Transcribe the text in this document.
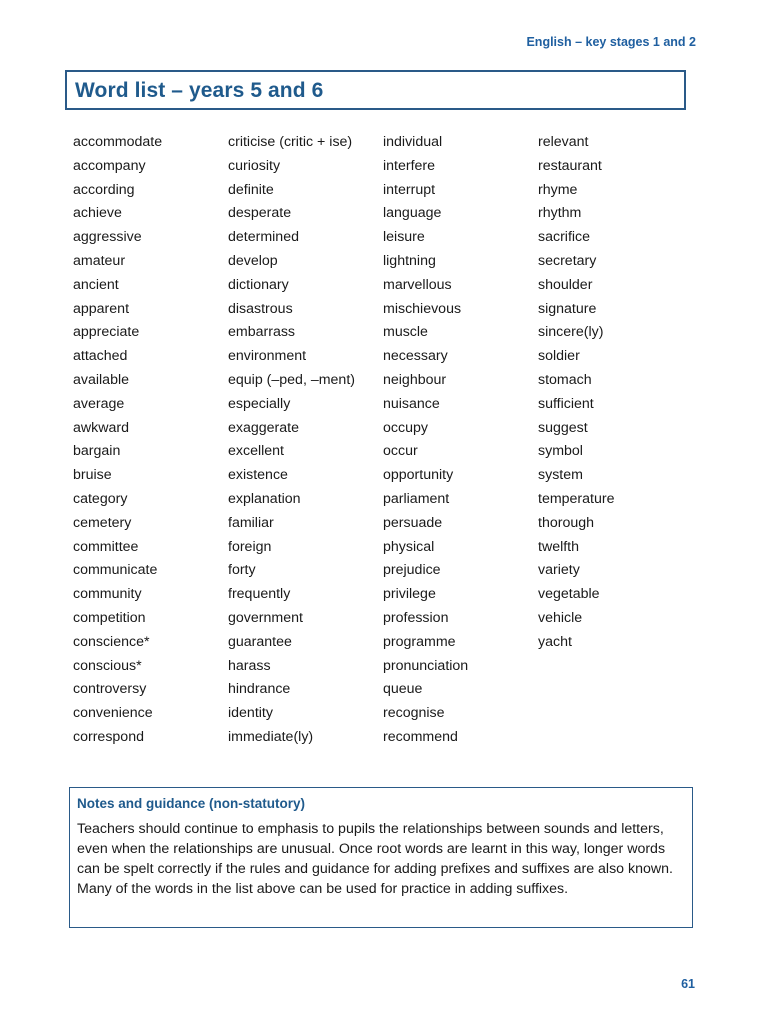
English – key stages 1 and 2
Word list – years 5 and 6
accommodate
accompany
according
achieve
aggressive
amateur
ancient
apparent
appreciate
attached
available
average
awkward
bargain
bruise
category
cemetery
committee
communicate
community
competition
conscience*
conscious*
controversy
convenience
correspond
criticise (critic + ise)
curiosity
definite
desperate
determined
develop
dictionary
disastrous
embarrass
environment
equip (–ped, –ment)
especially
exaggerate
excellent
existence
explanation
familiar
foreign
forty
frequently
government
guarantee
harass
hindrance
identity
immediate(ly)
individual
interfere
interrupt
language
leisure
lightning
marvellous
mischievous
muscle
necessary
neighbour
nuisance
occupy
occur
opportunity
parliament
persuade
physical
prejudice
privilege
profession
programme
pronunciation
queue
recognise
recommend
relevant
restaurant
rhyme
rhythm
sacrifice
secretary
shoulder
signature
sincere(ly)
soldier
stomach
sufficient
suggest
symbol
system
temperature
thorough
twelfth
variety
vegetable
vehicle
yacht
Notes and guidance (non-statutory)
Teachers should continue to emphasis to pupils the relationships between sounds and letters, even when the relationships are unusual. Once root words are learnt in this way, longer words can be spelt correctly if the rules and guidance for adding prefixes and suffixes are also known. Many of the words in the list above can be used for practice in adding suffixes.
61
